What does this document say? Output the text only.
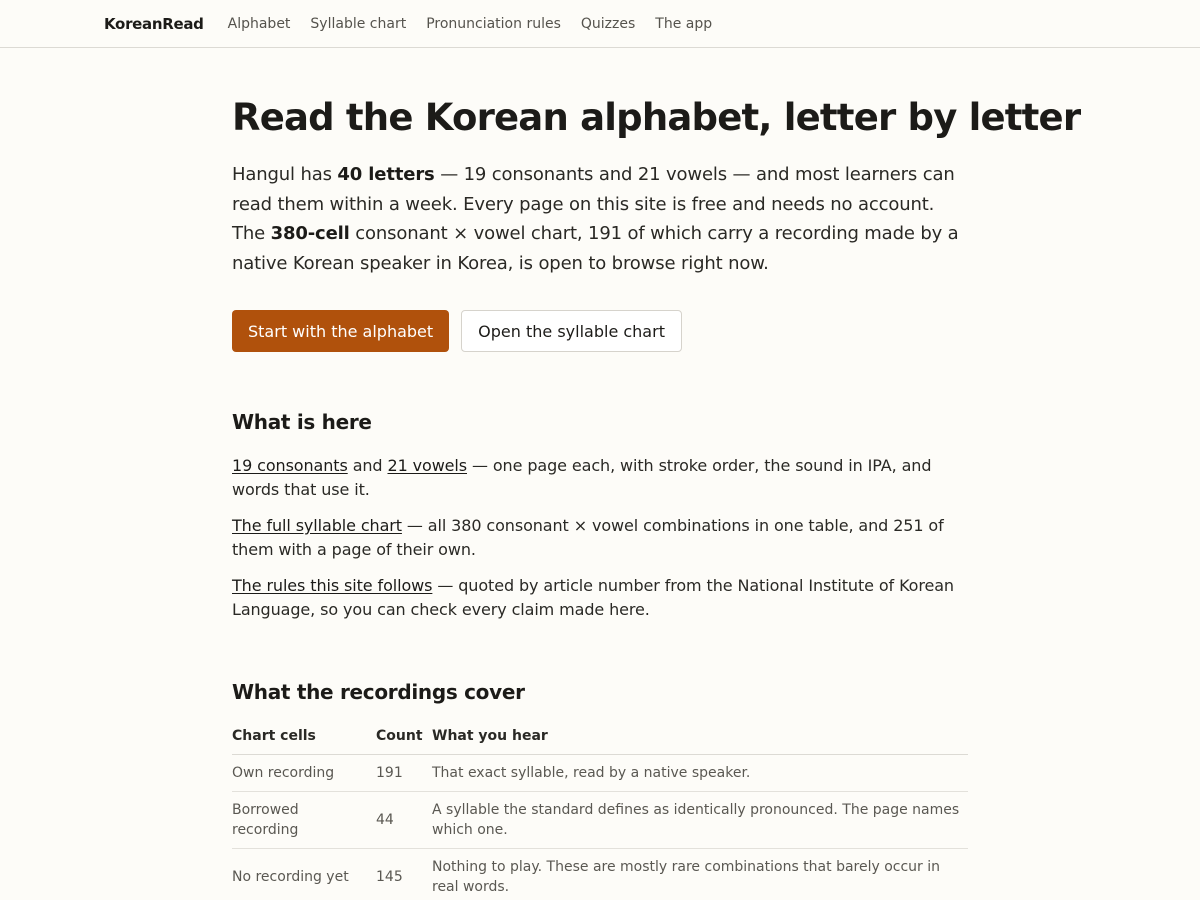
KoreanRead Alphabet Syllable chart Pronunciation rules Quizzes The app
Read the Korean alphabet, letter by letter

Hangul has 40 letters — 19 consonants and 21 vowels — and most learners can read them within a week. Every page on this site is free and needs no account. The 380-cell consonant × vowel chart, 191 of which carry a recording made by a native Korean speaker in Korea, is open to browse right now.

Start with the alphabet	Open the syllable chart
What is here

19 consonants and 21 vowels — one page each, with stroke order, the sound in IPA, and words that use it.

The full syllable chart — all 380 consonant × vowel combinations in one table, and 251 of them with a page of their own.

The rules this site follows — quoted by article number from the National Institute of Korean Language, so you can check every claim made here.

What the recordings cover
Chart cells	Count	What you hear
Own recording	191	That exact syllable, read by a native speaker.
Borrowed recording	44	A syllable the standard defines as identically pronounced. The page names which one.
No recording yet	145	Nothing to play. These are mostly rare combinations that barely occur in real words.
